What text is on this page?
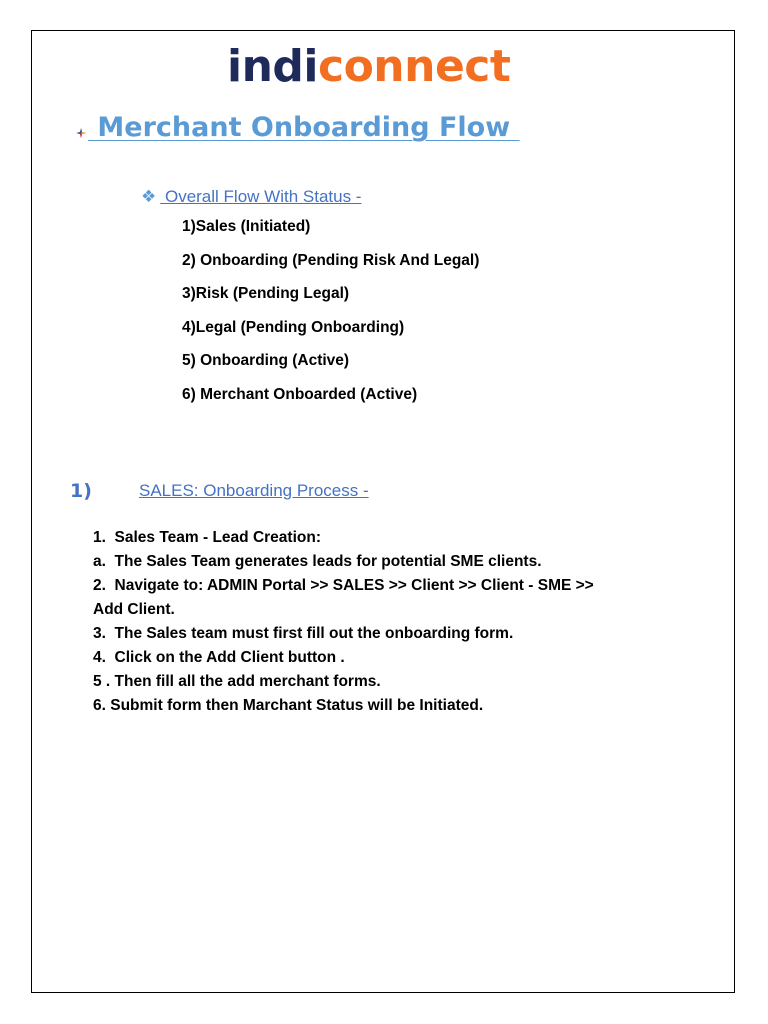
indiconnect
Merchant Onboarding Flow
❖ Overall Flow With Status -
1)Sales (Initiated)
2) Onboarding (Pending Risk And Legal)
3)Risk (Pending Legal)
4)Legal (Pending Onboarding)
5) Onboarding (Active)
6) Merchant Onboarded (Active)
1)	SALES: Onboarding Process -
1.  Sales Team - Lead Creation:
a.  The Sales Team generates leads for potential SME clients.
2.  Navigate to: ADMIN Portal >> SALES >> Client >> Client - SME >> Add Client.
3.  The Sales team must first fill out the onboarding form.
4.  Click on the Add Client button .
5 . Then fill all the add merchant forms.
6. Submit form then Marchant Status will be Initiated.
